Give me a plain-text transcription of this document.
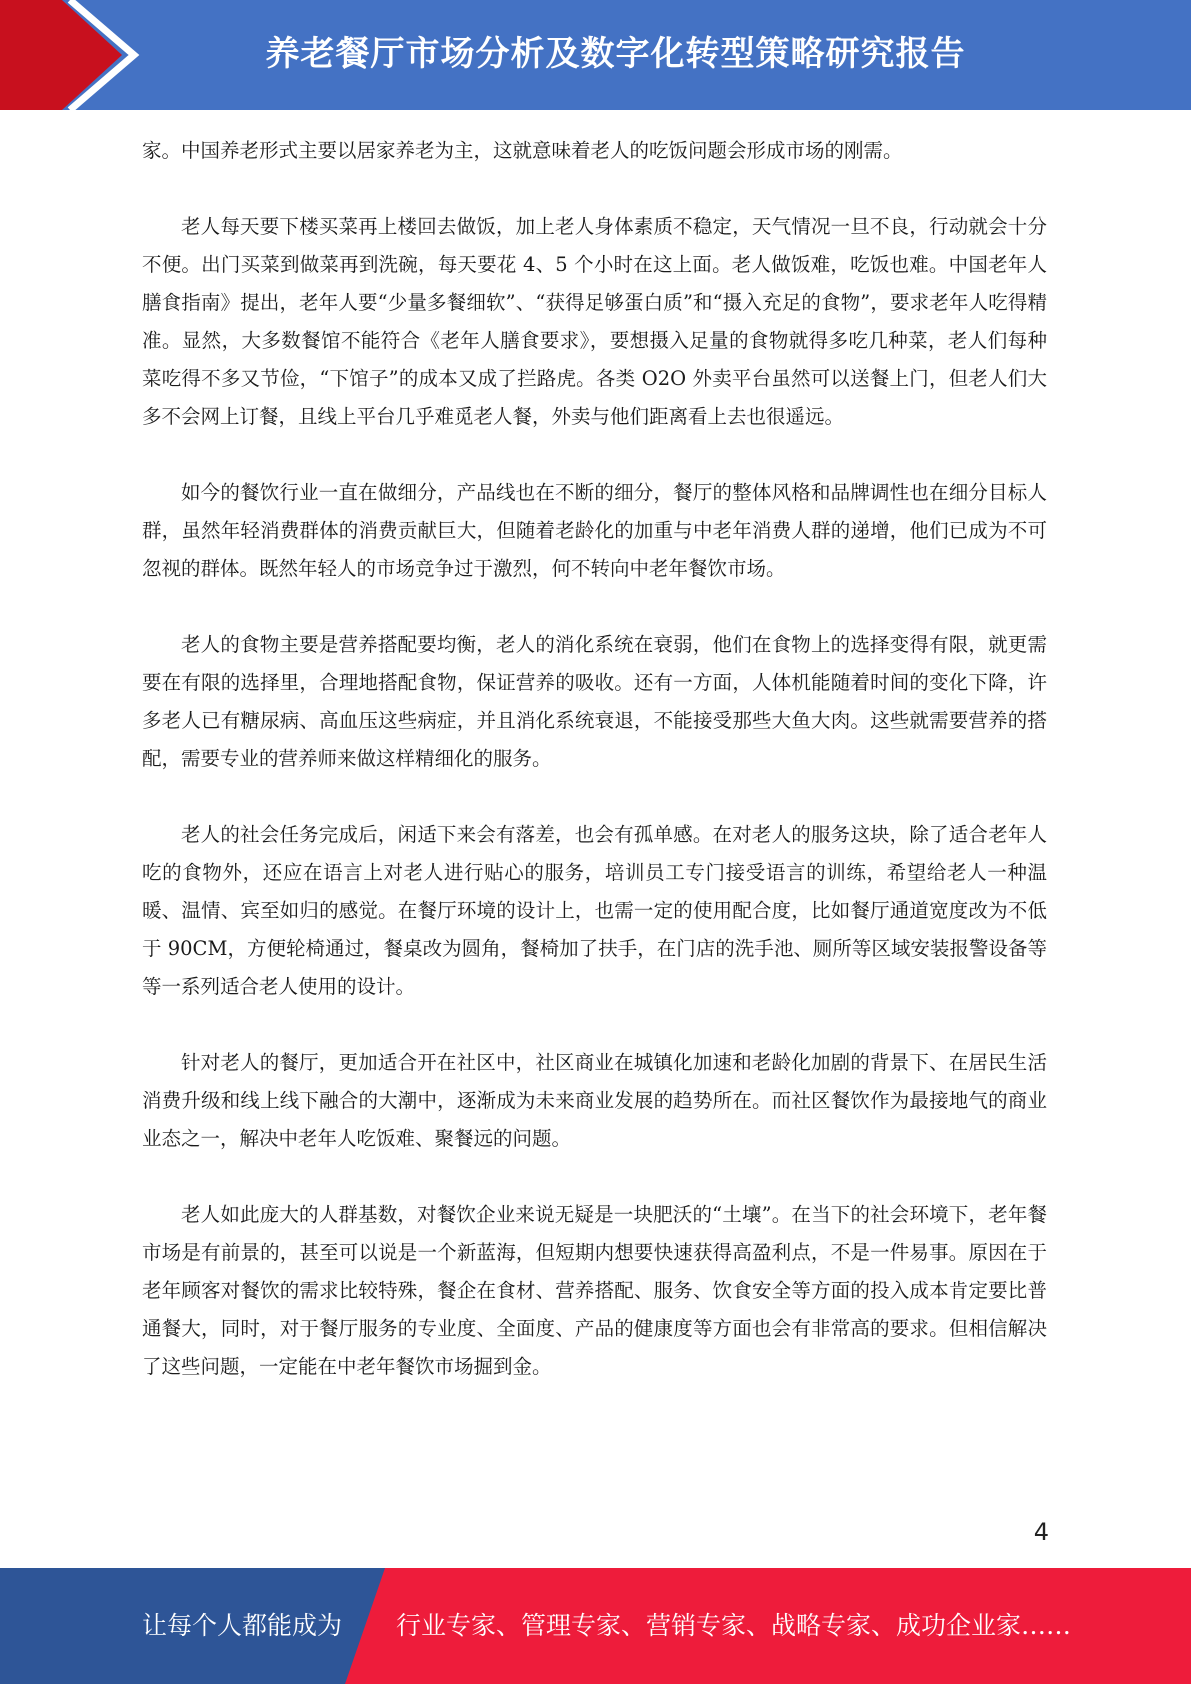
养老餐厅市场分析及数字化转型策略研究报告

家。中国养老形式主要以居家养老为主，这就意味着老人的吃饭问题会形成市场的刚需。

老人每天要下楼买菜再上楼回去做饭，加上老人身体素质不稳定，天气情况一旦不良，行动就会十分不便。出门买菜到做菜再到洗碗，每天要花 4、5 个小时在这上面。老人做饭难，吃饭也难。中国老年人膳食指南》提出，老年人要“少量多餐细软”、“获得足够蛋白质”和“摄入充足的食物”，要求老年人吃得精准。显然，大多数餐馆不能符合《老年人膳食要求》，要想摄入足量的食物就得多吃几种菜，老人们每种菜吃得不多又节俭，“下馆子”的成本又成了拦路虎。各类 O2O 外卖平台虽然可以送餐上门，但老人们大多不会网上订餐，且线上平台几乎难觅老人餐，外卖与他们距离看上去也很遥远。

如今的餐饮行业一直在做细分，产品线也在不断的细分，餐厅的整体风格和品牌调性也在细分目标人群，虽然年轻消费群体的消费贡献巨大，但随着老龄化的加重与中老年消费人群的递增，他们已成为不可忽视的群体。既然年轻人的市场竞争过于激烈，何不转向中老年餐饮市场。

老人的食物主要是营养搭配要均衡，老人的消化系统在衰弱，他们在食物上的选择变得有限，就更需要在有限的选择里，合理地搭配食物，保证营养的吸收。还有一方面，人体机能随着时间的变化下降，许多老人已有糖尿病、高血压这些病症，并且消化系统衰退，不能接受那些大鱼大肉。这些就需要营养的搭配，需要专业的营养师来做这样精细化的服务。

老人的社会任务完成后，闲适下来会有落差，也会有孤单感。在对老人的服务这块，除了适合老年人吃的食物外，还应在语言上对老人进行贴心的服务，培训员工专门接受语言的训练，希望给老人一种温暖、温情、宾至如归的感觉。在餐厅环境的设计上，也需一定的使用配合度，比如餐厅通道宽度改为不低于 90CM，方便轮椅通过，餐桌改为圆角，餐椅加了扶手，在门店的洗手池、厕所等区域安装报警设备等等一系列适合老人使用的设计。

针对老人的餐厅，更加适合开在社区中，社区商业在城镇化加速和老龄化加剧的背景下、在居民生活消费升级和线上线下融合的大潮中，逐渐成为未来商业发展的趋势所在。而社区餐饮作为最接地气的商业业态之一，解决中老年人吃饭难、聚餐远的问题。

老人如此庞大的人群基数，对餐饮企业来说无疑是一块肥沃的“土壤”。在当下的社会环境下，老年餐市场是有前景的，甚至可以说是一个新蓝海，但短期内想要快速获得高盈利点，不是一件易事。原因在于老年顾客对餐饮的需求比较特殊，餐企在食材、营养搭配、服务、饮食安全等方面的投入成本肯定要比普通餐大，同时，对于餐厅服务的专业度、全面度、产品的健康度等方面也会有非常高的要求。但相信解决了这些问题，一定能在中老年餐饮市场掘到金。

4
让每个人都能成为 行业专家、管理专家、营销专家、战略专家、成功企业家……
